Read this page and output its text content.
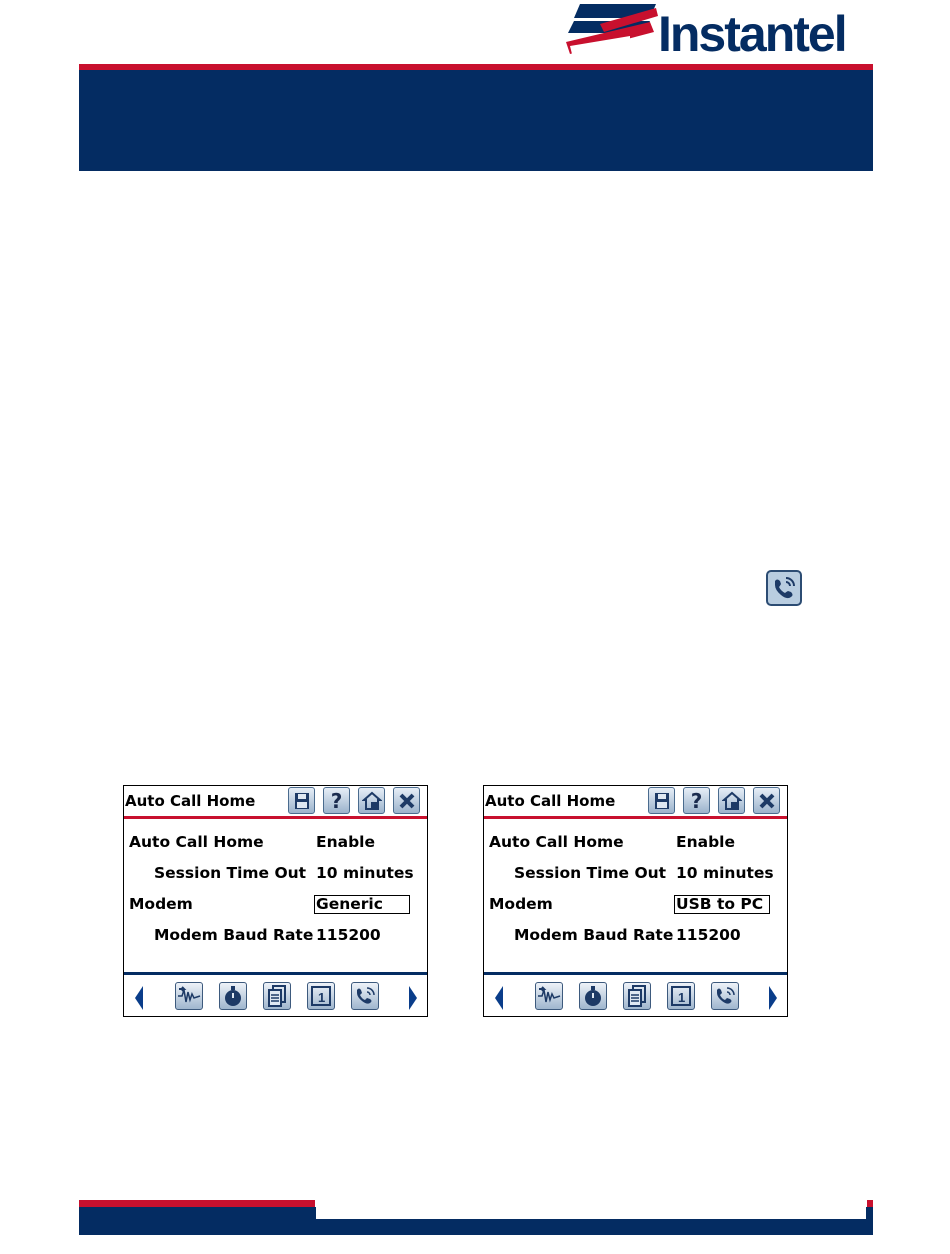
Instantel
Auto Call Home	?
Auto Call Home	Enable
Session Time Out 10 minutes
Modem	Generic
Modem Baud Rate 115200
1
Auto Call Home	?
Auto Call Home	Enable
Session Time Out 10 minutes
Modem	USB to PC
Modem Baud Rate 115200
1
